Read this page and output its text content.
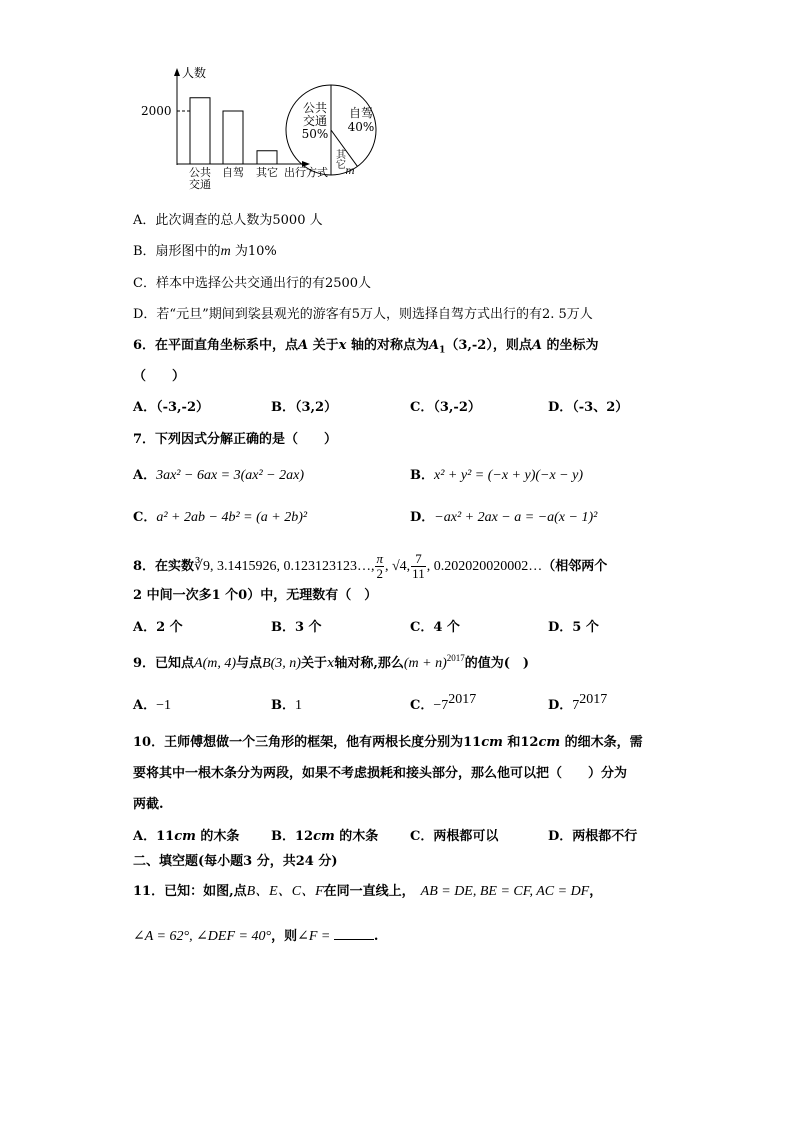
人数
2000
公共
交通
自驾 其它 出行方式
公共
交通
50%
自驾
40%
其
它
m
A．此次调查的总人数为5000 人
B．扇形图中的m 为10%
C．样本中选择公共交通出行的有2500人
D．若“元旦”期间到裟县观光的游客有5万人，则选择自驾方式出行的有2. 5万人
6．在平面直角坐标系中，点A 关于x 轴的对称点为$A_1(3,-2)$，则点A 的坐标为
（　　）
A．（-3,-2）	B．（3,2）	C．（3,-2）	D．（-3、2）
7．下列因式分解正确的是（　　）
A．3ax² − 6ax = 3(ax² − 2ax)	B．x² + y² = (−x + y)(−x − y)
C．a² + 2ab − 4b² = (a + 2b)²	D．−ax² + 2ax − a = −a(x − 1)²
8．在实数∛9, 3.1415926, 0.123123123…, $\frac{\pi}{2}$ , √4, $\frac{7}{11}$ , 0.202020020002…（相邻两个
2 中间一次多1 个0）中，无理数有（　）
A．2 个	B．3 个	C．4 个	D．5 个
9．已知点A(m, 4)与点B(3, n)关于x轴对称,那么$(m + n)^{2017}$的值为(　)
A．−1	B．1	C．$-7^{2017}$	D．$7^{2017}$
10．王师傅想做一个三角形的框架，他有两根长度分别为11cm 和12cm 的细木条，需
要将其中一根木条分为两段，如果不考虑损耗和接头部分，那么他可以把（　　）分为
两截.
A．11cm 的木条 B．12cm 的木条 C．两根都可以	D．两根都不行
二、填空题(每小题3 分，共24 分)
11．已知：如图,点B、E、C、F在同一直线上， AB = DE, BE = CF, AC = DF，
∠A = 62°, ∠DEF = 40°，则∠F =	.
